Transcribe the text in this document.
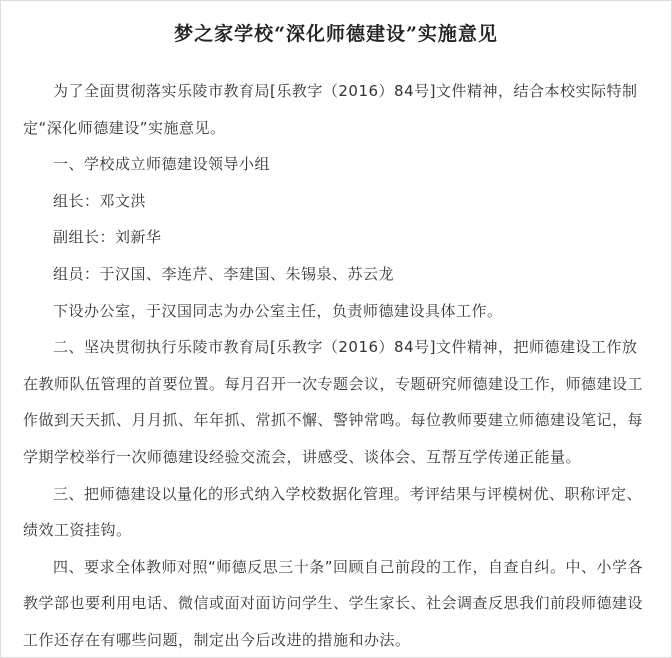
梦之家学校“深化师德建设”实施意见

为了全面贯彻落实乐陵市教育局[乐教字（2016）84号]文件精神，结合本校实际特制定“深化师德建设”实施意见。

一、学校成立师德建设领导小组

组长：邓文洪

副组长：刘新华

组员：于汉国、李连芹、李建国、朱锡泉、苏云龙

下设办公室，于汉国同志为办公室主任，负责师德建设具体工作。

二、坚决贯彻执行乐陵市教育局[乐教字（2016）84号]文件精神，把师德建设工作放在教师队伍管理的首要位置。每月召开一次专题会议，专题研究师德建设工作，师德建设工作做到天天抓、月月抓、年年抓、常抓不懈、警钟常鸣。每位教师要建立师德建设笔记，每学期学校举行一次师德建设经验交流会，讲感受、谈体会、互帮互学传递正能量。

三、把师德建设以量化的形式纳入学校数据化管理。考评结果与评模树优、职称评定、绩效工资挂钩。

四、要求全体教师对照“师德反思三十条”回顾自己前段的工作，自查自纠。中、小学各教学部也要利用电话、微信或面对面访问学生、学生家长、社会调查反思我们前段师德建设工作还存在有哪些问题，制定出今后改进的措施和办法。
